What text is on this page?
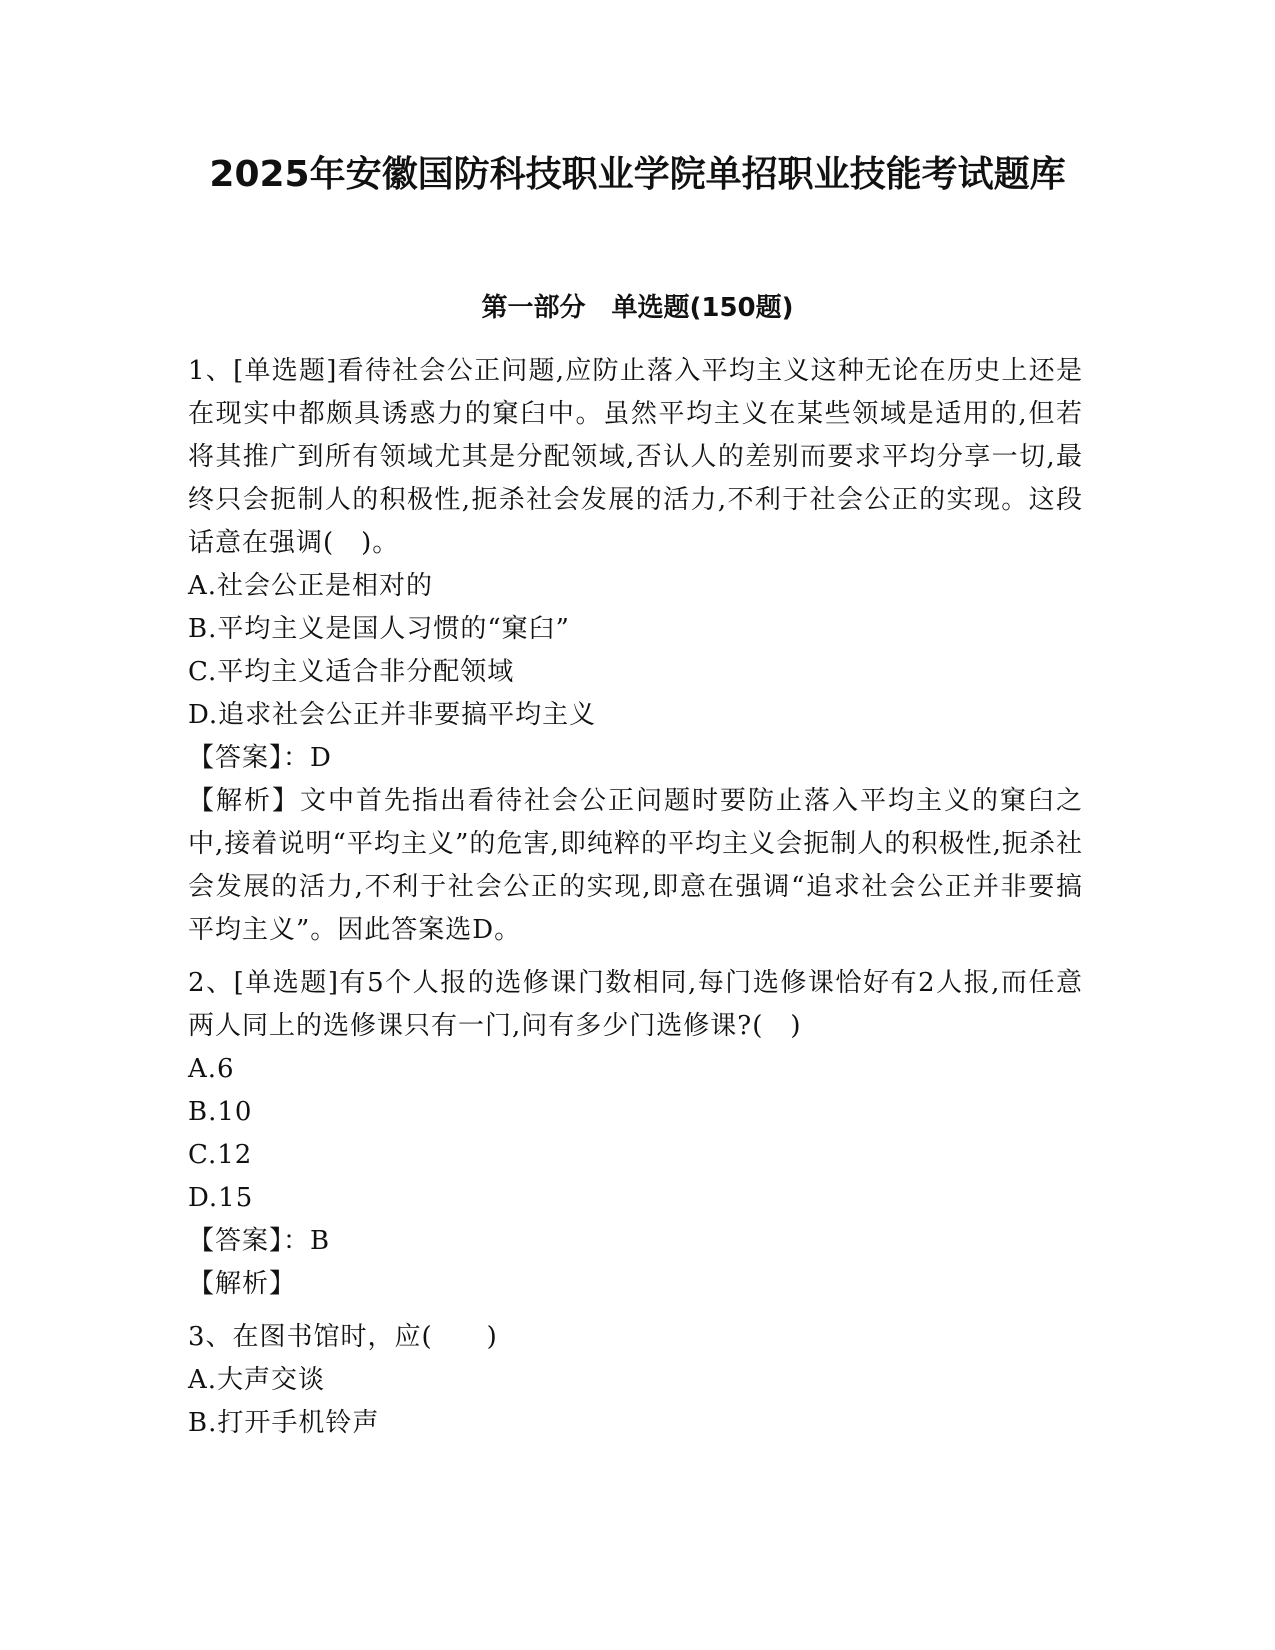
2025年安徽国防科技职业学院单招职业技能考试题库
第一部分　单选题(150题)

1、[单选题]看待社会公正问题,应防止落入平均主义这种无论在历史上还是在现实中都颇具诱惑力的窠臼中。虽然平均主义在某些领域是适用的,但若将其推广到所有领域尤其是分配领域,否认人的差别而要求平均分享一切,最终只会扼制人的积极性,扼杀社会发展的活力,不利于社会公正的实现。这段话意在强调(　)。

A.社会公正是相对的

B.平均主义是国人习惯的“窠臼”

C.平均主义适合非分配领域

D.追求社会公正并非要搞平均主义

【答案】：D

【解析】文中首先指出看待社会公正问题时要防止落入平均主义的窠臼之中,接着说明“平均主义”的危害,即纯粹的平均主义会扼制人的积极性,扼杀社会发展的活力,不利于社会公正的实现,即意在强调“追求社会公正并非要搞平均主义”。因此答案选D。

2、[单选题]有5个人报的选修课门数相同,每门选修课恰好有2人报,而任意两人同上的选修课只有一门,问有多少门选修课?(　)

A.6

B.10

C.12

D.15

【答案】：B

【解析】

3、在图书馆时，应(　　)

A.大声交谈

B.打开手机铃声
